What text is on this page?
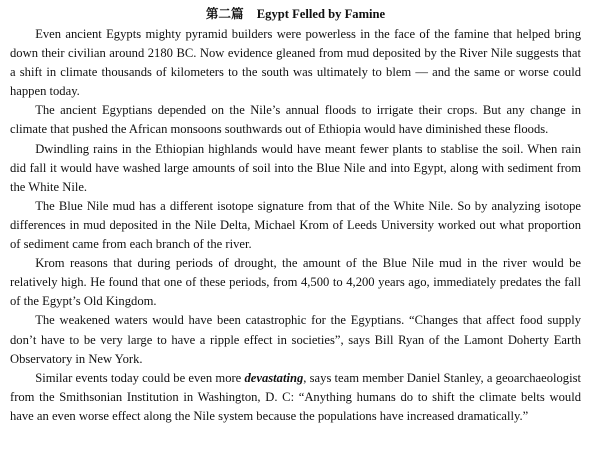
第二篇 Egypt Felled by Famine

Even ancient Egypts mighty pyramid builders were powerless in the face of the famine that helped bring down their civilian around 2180 BC. Now evidence gleaned from mud deposited by the River Nile suggests that a shift in climate thousands of kilometers to the south was ultimately to blem — and the same or worse could happen today.

The ancient Egyptians depended on the Nile’s annual floods to irrigate their crops. But any change in climate that pushed the African monsoons southwards out of Ethiopia would have diminished these floods.

Dwindling rains in the Ethiopian highlands would have meant fewer plants to stablise the soil. When rain did fall it would have washed large amounts of soil into the Blue Nile and into Egypt, along with sediment from the White Nile.

The Blue Nile mud has a different isotope signature from that of the White Nile. So by analyzing isotope differences in mud deposited in the Nile Delta, Michael Krom of Leeds University worked out what proportion of sediment came from each branch of the river.

Krom reasons that during periods of drought, the amount of the Blue Nile mud in the river would be relatively high. He found that one of these periods, from 4,500 to 4,200 years ago, immediately predates the fall of the Egypt’s Old Kingdom.

The weakened waters would have been catastrophic for the Egyptians. “Changes that affect food supply don’t have to be very large to have a ripple effect in societies”, says Bill Ryan of the Lamont Doherty Earth Observatory in New York.

Similar events today could be even more devastating, says team member Daniel Stanley, a geoarchaeologist from the Smithsonian Institution in Washington, D. C: “Anything humans do to shift the climate belts would have an even worse effect along the Nile system because the populations have increased dramatically.”
